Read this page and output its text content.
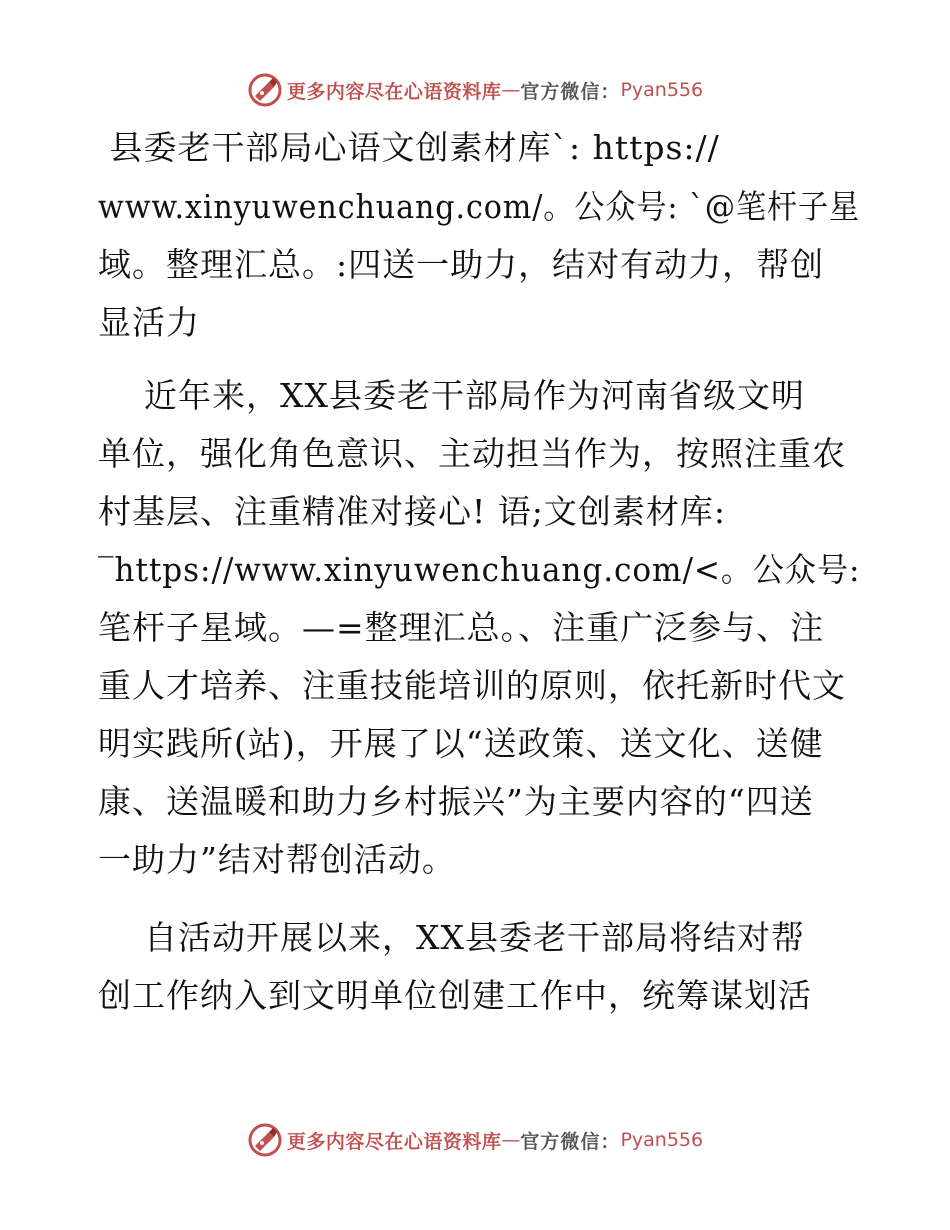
更多内容尽在心语资料库 — 官方微信： Pyan556
县委老干部局心语文创素材库`: https://
www.xinyuwenchuang.com/。公众号: `@笔杆子星
域。整理汇总。:四送一助力，结对有动力，帮创
显活力
近年来，XX县委老干部局作为河南省级文明
单位，强化角色意识、主动担当作为，按照注重农
村基层、注重精准对接心! 语;文创素材库:
‾https://www.xinyuwenchuang.com/<。公众号:
笔杆子星域。—=整理汇总。、注重广泛参与、注
重人才培养、注重技能培训的原则，依托新时代文
明实践所(站)，开展了以“送政策、送文化、送健
康、送温暖和助力乡村振兴”为主要内容的“四送
一助力”结对帮创活动。
自活动开展以来，XX县委老干部局将结对帮
创工作纳入到文明单位创建工作中，统筹谋划活
更多内容尽在心语资料库 — 官方微信： Pyan556
